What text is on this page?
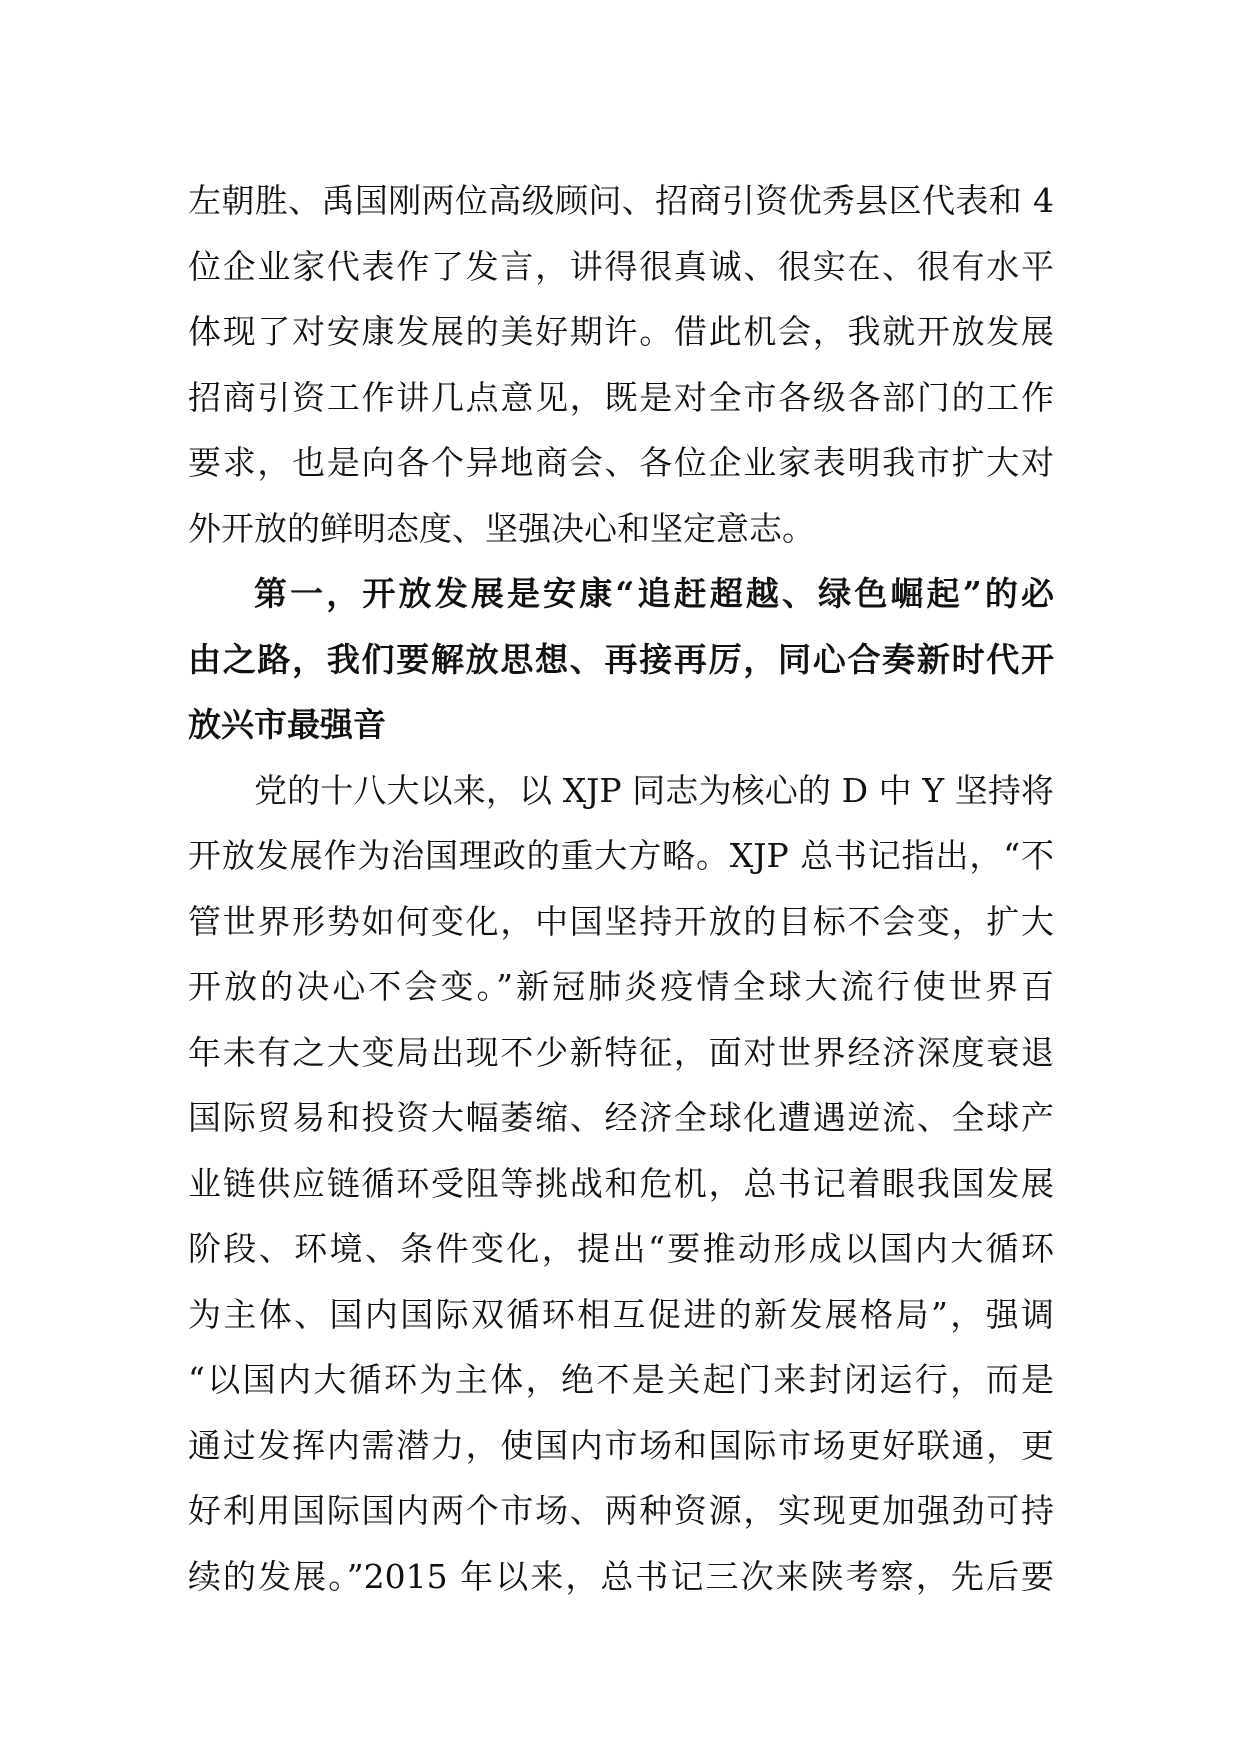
左朝胜、禹国刚两位高级顾问、招商引资优秀县区代表和 4
位企业家代表作了发言，讲得很真诚、很实在、很有水平
体现了对安康发展的美好期许。借此机会，我就开放发展
招商引资工作讲几点意见，既是对全市各级各部门的工作
要求，也是向各个异地商会、各位企业家表明我市扩大对
外开放的鲜明态度、坚强决心和坚定意志。
第一，开放发展是安康“追赶超越、绿色崛起”的必
由之路，我们要解放思想、再接再厉，同心合奏新时代开
放兴市最强音
党的十八大以来，以 XJP 同志为核心的 D 中 Y 坚持将
开放发展作为治国理政的重大方略。XJP 总书记指出，“不
管世界形势如何变化，中国坚持开放的目标不会变，扩大
开放的决心不会变。”新冠肺炎疫情全球大流行使世界百
年未有之大变局出现不少新特征，面对世界经济深度衰退
国际贸易和投资大幅萎缩、经济全球化遭遇逆流、全球产
业链供应链循环受阻等挑战和危机，总书记着眼我国发展
阶段、环境、条件变化，提出“要推动形成以国内大循环
为主体、国内国际双循环相互促进的新发展格局”，强调
“以国内大循环为主体，绝不是关起门来封闭运行，而是
通过发挥内需潜力，使国内市场和国际市场更好联通，更
好利用国际国内两个市场、两种资源，实现更加强劲可持
续的发展。”2015 年以来，总书记三次来陕考察，先后要
